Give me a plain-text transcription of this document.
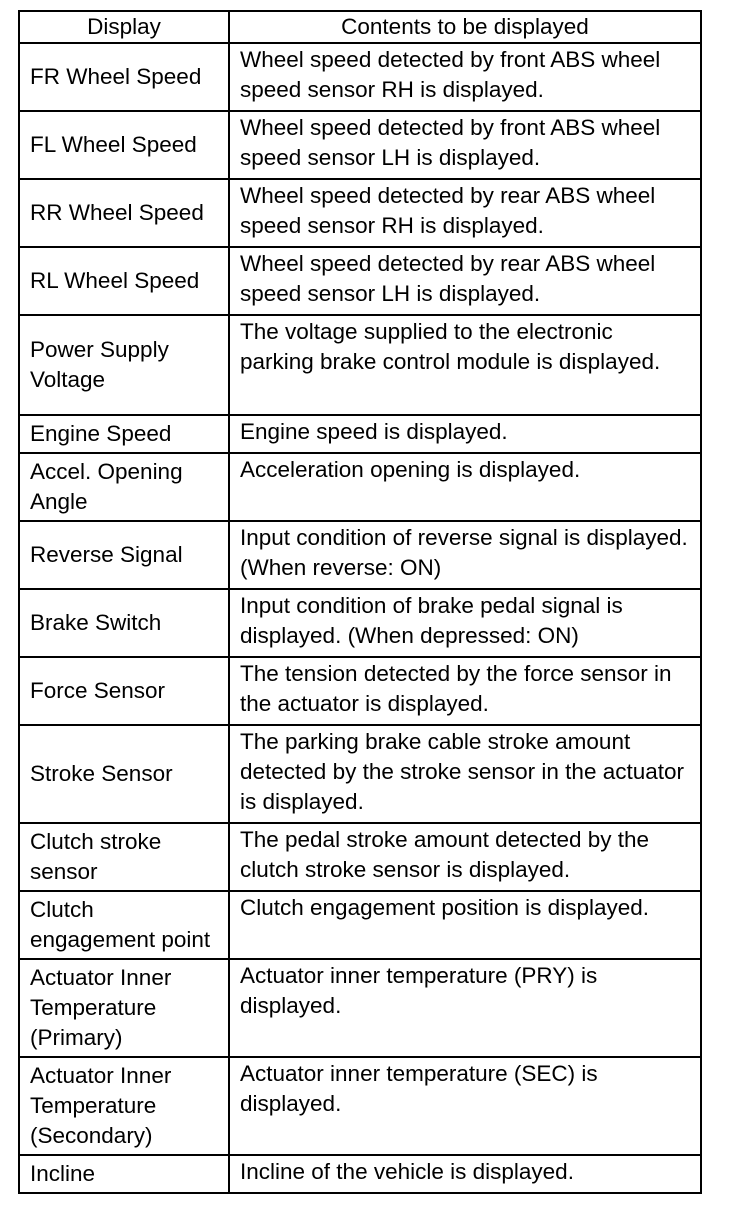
Display	Contents to be displayed
FR Wheel Speed	Wheel speed detected by front ABS wheel speed sensor RH is displayed.
FL Wheel Speed	Wheel speed detected by front ABS wheel speed sensor LH is displayed.
RR Wheel Speed	Wheel speed detected by rear ABS wheel speed sensor RH is displayed.
RL Wheel Speed	Wheel speed detected by rear ABS wheel speed sensor LH is displayed.
Power Supply Voltage	The voltage supplied to the electronic parking brake control module is displayed.
Engine Speed	Engine speed is displayed.
Accel. Opening Angle	Acceleration opening is displayed.
Reverse Signal	Input condition of reverse signal is displayed. (When reverse: ON)
Brake Switch	Input condition of brake pedal signal is displayed. (When depressed: ON)
Force Sensor	The tension detected by the force sensor in the actuator is displayed.
Stroke Sensor	The parking brake cable stroke amount detected by the stroke sensor in the actuator is displayed.
Clutch stroke sensor	The pedal stroke amount detected by the clutch stroke sensor is displayed.
Clutch engagement point	Clutch engagement position is displayed.
Actuator Inner Temperature (Primary)	Actuator inner temperature (PRY) is displayed.
Actuator Inner Temperature (Secondary)	Actuator inner temperature (SEC) is displayed.
Incline	Incline of the vehicle is displayed.
